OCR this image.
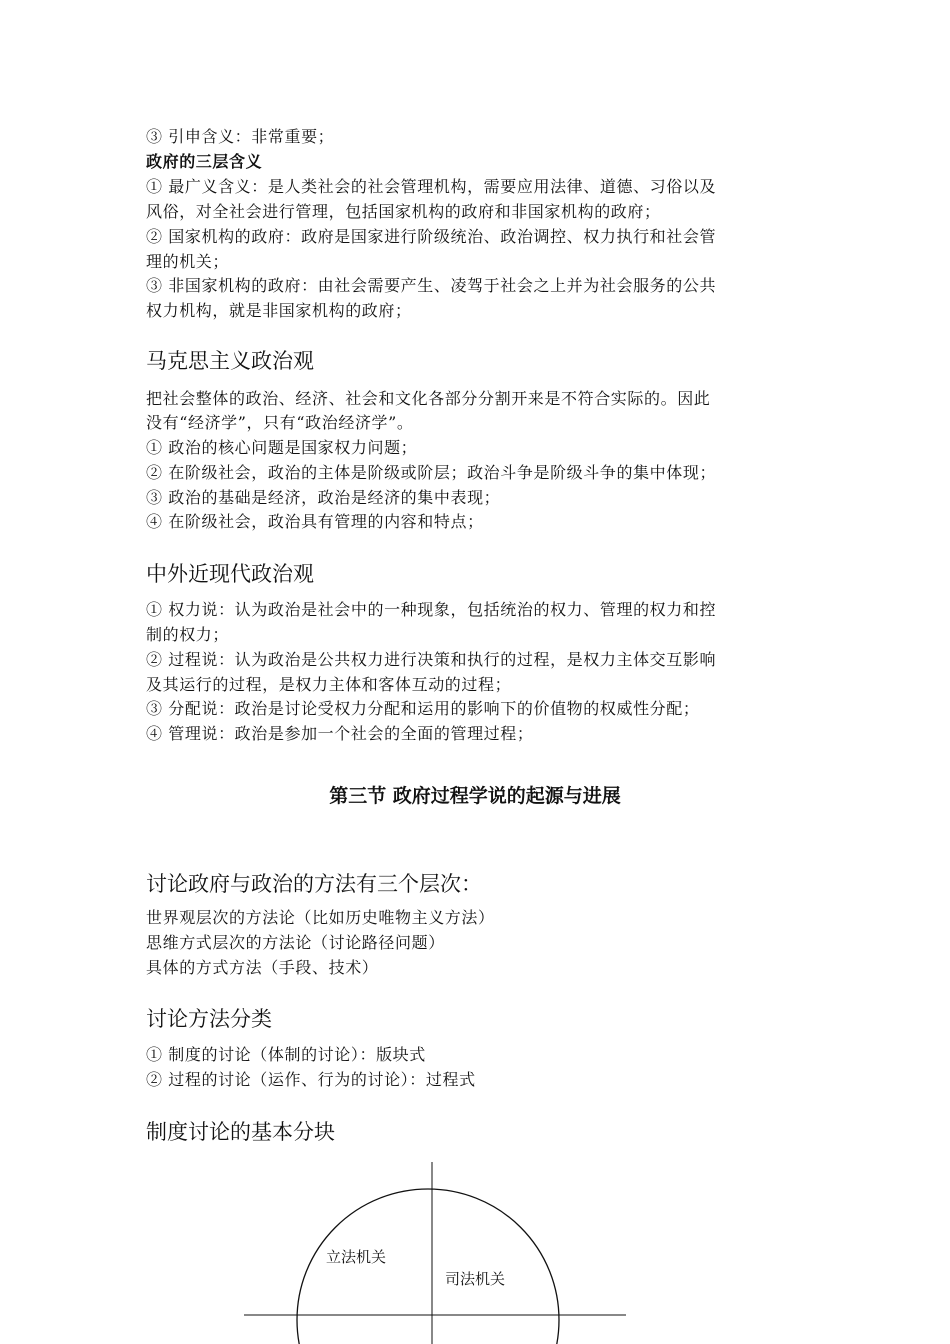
③ 引申含义：非常重要；
政府的三层含义
① 最广义含义：是人类社会的社会管理机构，需要应用法律、道德、习俗以及
风俗，对全社会进行管理，包括国家机构的政府和非国家机构的政府；
② 国家机构的政府：政府是国家进行阶级统治、政治调控、权力执行和社会管
理的机关；
③ 非国家机构的政府：由社会需要产生、凌驾于社会之上并为社会服务的公共
权力机构，就是非国家机构的政府；
马克思主义政治观
把社会整体的政治、经济、社会和文化各部分分割开来是不符合实际的。因此
没有“经济学”，只有“政治经济学”。
① 政治的核心问题是国家权力问题；
② 在阶级社会，政治的主体是阶级或阶层；政治斗争是阶级斗争的集中体现；
③ 政治的基础是经济，政治是经济的集中表现；
④ 在阶级社会，政治具有管理的内容和特点；
中外近现代政治观
① 权力说：认为政治是社会中的一种现象，包括统治的权力、管理的权力和控
制的权力；
② 过程说：认为政治是公共权力进行决策和执行的过程，是权力主体交互影响
及其运行的过程，是权力主体和客体互动的过程；
③ 分配说：政治是讨论受权力分配和运用的影响下的价值物的权威性分配；
④ 管理说：政治是参加一个社会的全面的管理过程；
第三节 政府过程学说的起源与进展
讨论政府与政治的方法有三个层次：
世界观层次的方法论（比如历史唯物主义方法）
思维方式层次的方法论（讨论路径问题）
具体的方式方法（手段、技术）
讨论方法分类
① 制度的讨论（体制的讨论）：版块式
② 过程的讨论（运作、行为的讨论）：过程式
制度讨论的基本分块
立法机关
司法机关
